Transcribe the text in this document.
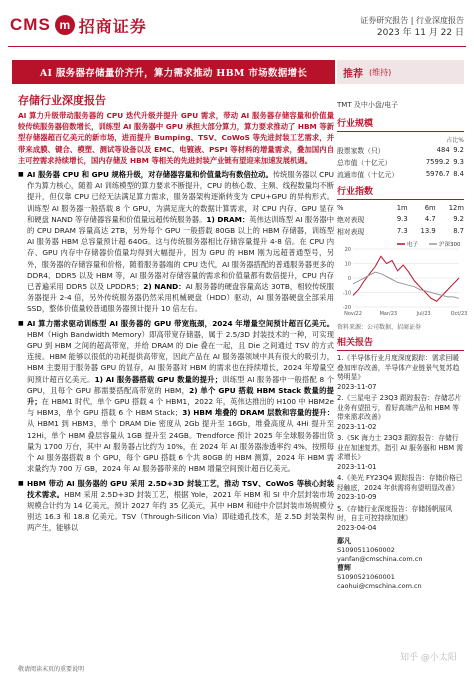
CMS m 招商证券	证券研究报告 | 行业深度报告
2023 年 11 月 22 日
AI 服务器存储量价齐升，算力需求推动 HBM 市场数据增长	推荐 (维持)
存储行业深度报告

AI 算力升级带动服务器的 CPU 迭代升级并提升 GPU 需求，带动 AI 服务器存储容量和价值量较传统服务器倍数增长，训练型 AI 服务器中 GPU 承担大部分算力，算力要求推动了 HBM 等新型存储器超百亿美元的新市场，进而提升 Bumping、TSV、CoWoS 等先进封装工艺需求，并带来成膜、键合、模塑、测试等设备以及 EMC、电镀液、PSPI 等材料的增量需求，叠加国内自主可控需求持续增长，国内存储及 HBM 等相关的先进封装产业链有望迎来加速发展机遇。

■ AI 服务器 CPU 和 GPU 规格升级，对存储器容量和价值量均有数倍拉动。传统服务器以 CPU 作为算力核心，随着 AI 训练模型的算力要求不断提升，CPU 的核心数、主频、线程数量均不断提升，但仅靠 CPU 已经无法满足算力需求，服务器架构逐渐转变为 CPU+GPU 的异构形式。训练型 AI 服务器一般搭载 8 个 GPU，为满足庞大的数据计算需求，对 CPU 内存、GPU 显存和硬盘 NAND 等存储器容量和价值量远超传统服务器。1) DRAM：英伟达训练型 AI 服务器中的 CPU DRAM 容量高达 2TB，另外每个 GPU 一般搭载 80GB 以上的 HBM 存储器，训练型 AI 服务器 HBM 总容量预计超 640G。这与传统服务器相比存储容量提升 4-8 倍。在 CPU 内存、GPU 内存中存储器价值量均得到大幅提升，因为 GPU 的 HBM 刚为远超普通型号，另外，服务器的存储容量和价格，随着服务器端的 CPU 迭代，AI 服务器搭配的普通服务器更多的 DDR4、DDR5 以及 HBM 等，AI 服务器对存储容量的需求和价值量都有数倍提升，CPU 内存已普遍采用 DDR5 以及 LPDDR5；2) NAND：AI 服务器的硬盘容量高达 30TB，相较传统服务器提升 2-4 倍，另外传统服务器仍然采用机械硬盘（HDD）驱动，AI 服务器硬盘全部采用 SSD，整体价值量较普通服务器预计提升 10 倍左右。

■ AI 算力需求驱动训练型 AI 服务器的 GPU 带宽瓶颈，2024 年增量空间预计超百亿美元。HBM（High Bandwidth Memory）即高带宽存储器，属于 2.5/3D 封装技术的一种，可实现 GPU 到 HBM 之间的超高带宽，并给 DRAM 的 Die 叠在一起，且 Die 之间通过 TSV 的方式连接。HBM 能够以很低的功耗提供高带宽，因此产品在 AI 服务器领域中具有很大的吸引力，HBM 主要用于服务器 GPU 的显存，AI 服务器对 HBM 的需求也在持续增长，2024 年增量空间预计超百亿美元。1) AI 服务器搭载 GPU 数量的提升；训练型 AI 服务器中一般搭配 8 个 GPU，且每个 GPU 都需要搭配高带宽的 HBM，2) 单个 GPU 搭载 HBM Stack 数量的提升；在 HBM1 时代，单个 GPU 搭载 4 个 HBM1，2022 年，英伟达推出的 H100 中 HBM2e 与 HBM3，单个 GPU 搭载 6 个 HBM Stack；3) HBM 堆叠的 DRAM 层数和容量的提升：从 HBM1 到 HBM3，单个 DRAM Die 密度从 2Gb 提升至 16Gb，堆叠高度从 4Hi 提升至 12Hi，单个 HBM 叠层容量从 1GB 提升至 24GB。Trendforce 预计 2025 年全球服务器出货量为 1700 万台，其中 AI 服务器占比约为 10%，在 2024 年 AI 服务器渗透率约 4%，按照每个 AI 服务器搭载 8 个 GPU，每个 GPU 搭载 6 个共 80GB 的 HBM 测算，2024 年 HBM 需求量约为 700 万 GB，2024 年 AI 服务器带来的 HBM 增量空间预计超百亿美元。

■ HBM 带动 AI 服务器的 GPU 采用 2.5D+3D 封装工艺，推动 TSV、CoWoS 等核心封装技术需求。HBM 采用 2.5D+3D 封装工艺，根据 Yole，2021 年 HBM 和 SI 中介层封装市场规模合计约为 14 亿美元，预计 2027 年约 35 亿美元，其中 HBM 和硅中介层封装市场规模分别达 16.3 和 18.8 亿美元。TSV（Through-Silicon Via）即硅通孔技术，是 2.5D 封装架构两产生，能够以

TMT 及中小盘/电子
行业规模
占比%
股票家数（只）	484	9.2
总市值（十亿元）	7599.2	9.3
流通市值（十亿元）	5976.7	8.4
行业指数
%	1m	6m	12m
绝对表现	9.3	4.7	9.2
相对表现	7.3	13.9	8.7
20
10
0
-10
-20
Nov/22	Mar/23	Jul/23	Oct/23
电子	沪深300
资料来源：公司数据、招商证券
相关报告
1.《半导体行业月度深度跟踪：需求回暖叠加库存改善，半导体产业链景气复苏趋势明显》
2023-11-07
2.《三星电子 23Q3 跟踪报告：存储芯片业务有望扭亏，看好高端产品和 HBM 等带来需求改善》
2023-11-02
3.《SK 海力士 23Q3 跟踪报告：存储行业在加速复苏，指引 AI 服务器和 HBM 需求增长》
2023-11-01
4.《美光 FY23Q4 跟踪报告：存储价格已经触底，2024 年供需将有望明显改善》
2023-10-09
5.《存储行业深度报告：存储扬帆展风时，自主可控持续加速》
2023-04-04
鄢凡
S1090511060002
yanfan@cmschina.com.cn
曹辉
S1090521060001
caohui@cmschina.com.cn
敬请阅读末页的重要说明
知乎 @小太阳
